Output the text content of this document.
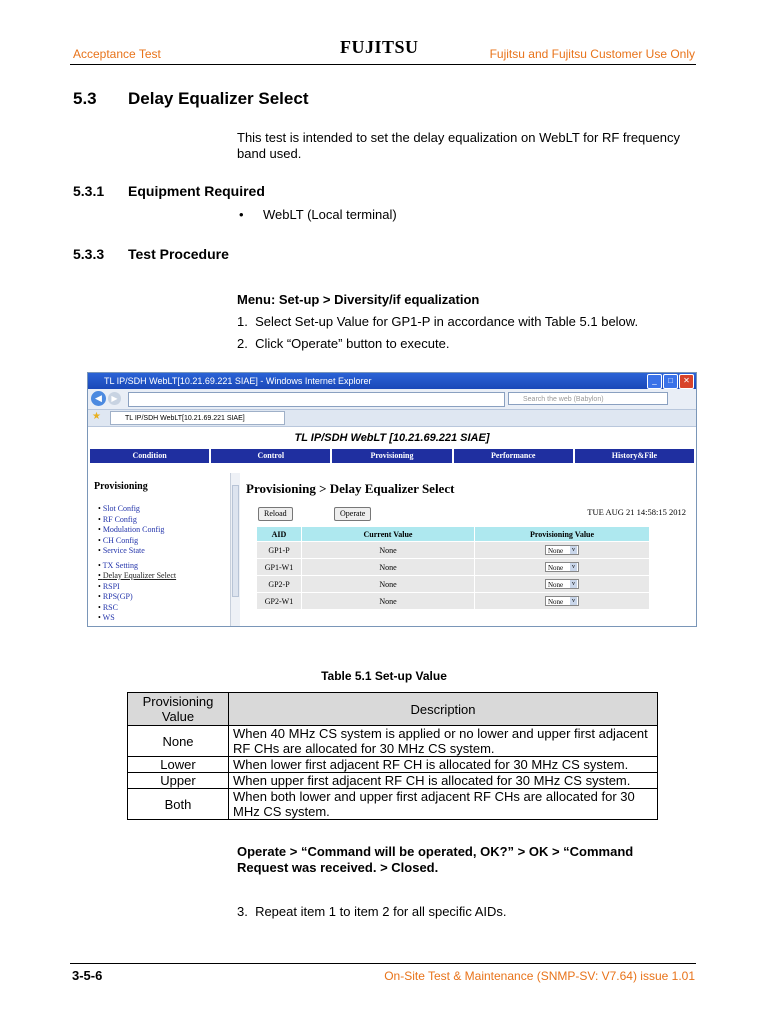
Acceptance Test	FUJITSU	Fujitsu and Fujitsu Customer Use Only
5.3 Delay Equalizer Select
This test is intended to set the delay equalization on WebLT for RF frequency band used.
5.3.1 Equipment Required
• WebLT (Local terminal)
5.3.3 Test Procedure
Menu: Set-up > Diversity/if equalization
1.  Select Set-up Value for GP1-P in accordance with Table 5.1 below.
2.  Click “Operate” button to execute.
TL IP/SDH WebLT[10.21.69.221 SIAE] - Windows Internet Explorer	_	□	✕
◀	▶	Search the web (Babylon)
★	TL IP/SDH WebLT[10.21.69.221 SIAE]
TL IP/SDH WebLT [10.21.69.221 SIAE]
Condition	Control	Provisioning	Performance	History&File
Provisioning
• Slot Config
• RF Config
• Modulation Config
• CH Config
• Service State
• TX Setting
• Delay Equalizer Select
• RSPI
• RPS(GP)
• RSC
• WS
Provisioning > Delay Equalizer Select
Reload	Operate	TUE AUG 21 14:58:15 2012
AID	Current Value	Provisioning Value
GP1-P	None	None v
GP1-W1	None	None v
GP2-P	None	None v
GP2-W1	None	None v
Table 5.1 Set-up Value
Provisioning Value	Description
None	When 40 MHz CS system is applied or no lower and upper first adjacent RF CHs are allocated for 30 MHz CS system.
Lower	When lower first adjacent RF CH is allocated for 30 MHz CS system.
Upper	When upper first adjacent RF CH is allocated for 30 MHz CS system.
Both	When both lower and upper first adjacent RF CHs are allocated for 30 MHz CS system.
Operate > “Command will be operated, OK?” > OK > “Command Request was received. > Closed.
3.  Repeat item 1 to item 2 for all specific AIDs.
3-5-6	On-Site Test & Maintenance (SNMP-SV: V7.64) issue 1.01
